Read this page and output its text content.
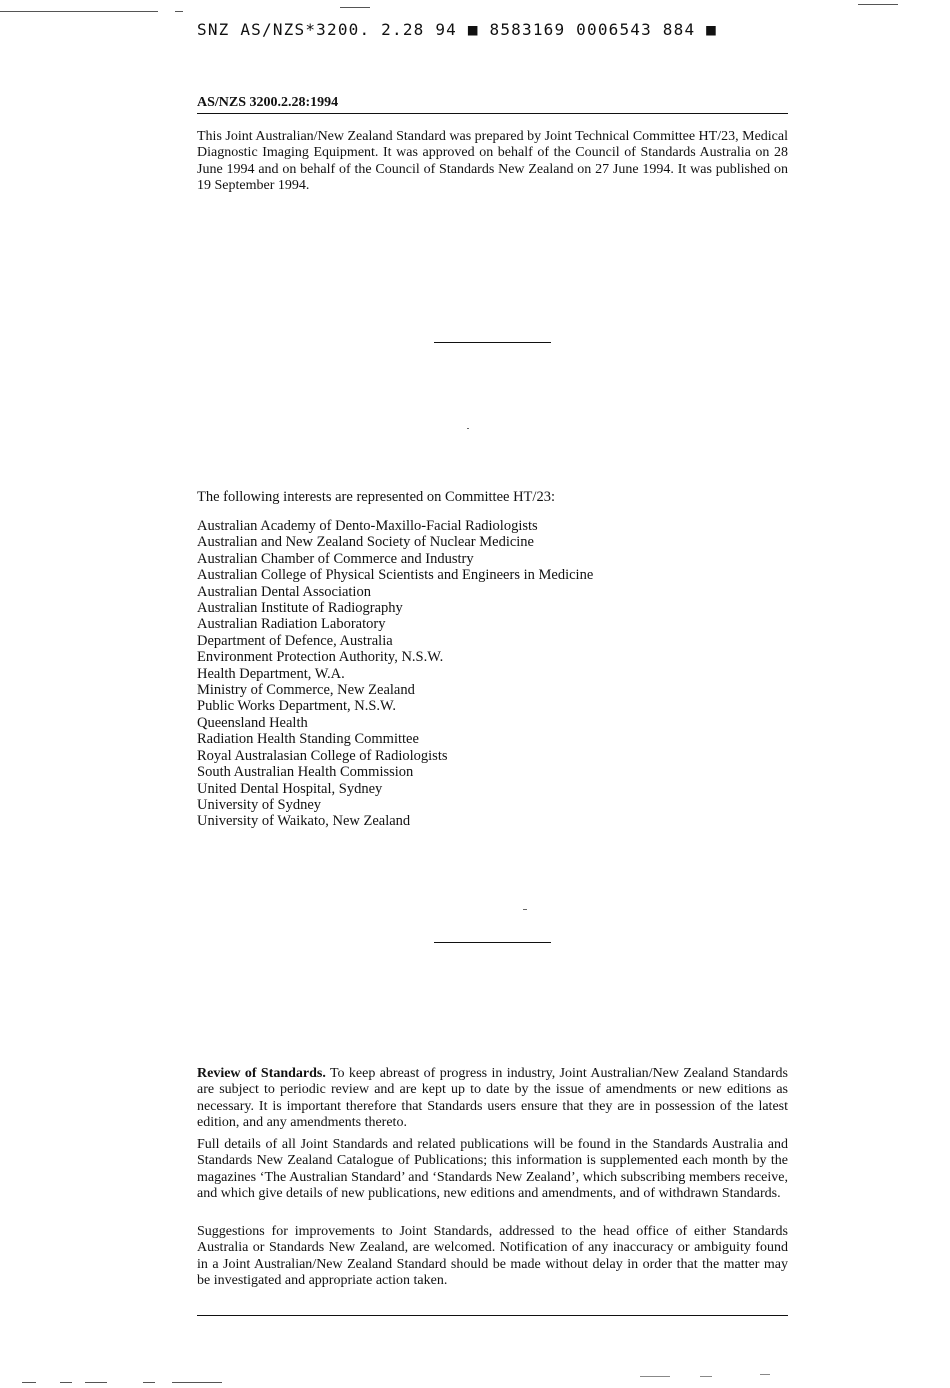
SNZ AS/NZS*3200. 2.28 94 ■ 8583169 0006543 884 ■
AS/NZS 3200.2.28:1994

This Joint Australian/New Zealand Standard was prepared by Joint Technical Committee HT/23, Medical Diagnostic Imaging Equipment. It was approved on behalf of the Council of Standards Australia on 28 June 1994 and on behalf of the Council of Standards New Zealand on 27 June 1994. It was published on 19 September 1994.

The following interests are represented on Committee HT/23:

Australian Academy of Dento-Maxillo-Facial Radiologists
Australian and New Zealand Society of Nuclear Medicine
Australian Chamber of Commerce and Industry
Australian College of Physical Scientists and Engineers in Medicine
Australian Dental Association
Australian Institute of Radiography
Australian Radiation Laboratory
Department of Defence, Australia
Environment Protection Authority, N.S.W.
Health Department, W.A.
Ministry of Commerce, New Zealand
Public Works Department, N.S.W.
Queensland Health
Radiation Health Standing Committee
Royal Australasian College of Radiologists
South Australian Health Commission
United Dental Hospital, Sydney
University of Sydney
University of Waikato, New Zealand

Review of Standards. To keep abreast of progress in industry, Joint Australian/New Zealand Standards are subject to periodic review and are kept up to date by the issue of amendments or new editions as necessary. It is important therefore that Standards users ensure that they are in possession of the latest edition, and any amendments thereto.

Full details of all Joint Standards and related publications will be found in the Standards Australia and Standards New Zealand Catalogue of Publications; this information is supplemented each month by the magazines ‘The Australian Standard’ and ‘Standards New Zealand’, which subscribing members receive, and which give details of new publications, new editions and amendments, and of withdrawn Standards.

Suggestions for improvements to Joint Standards, addressed to the head office of either Standards Australia or Standards New Zealand, are welcomed. Notification of any inaccuracy or ambiguity found in a Joint Australian/New Zealand Standard should be made without delay in order that the matter may be investigated and appropriate action taken.
